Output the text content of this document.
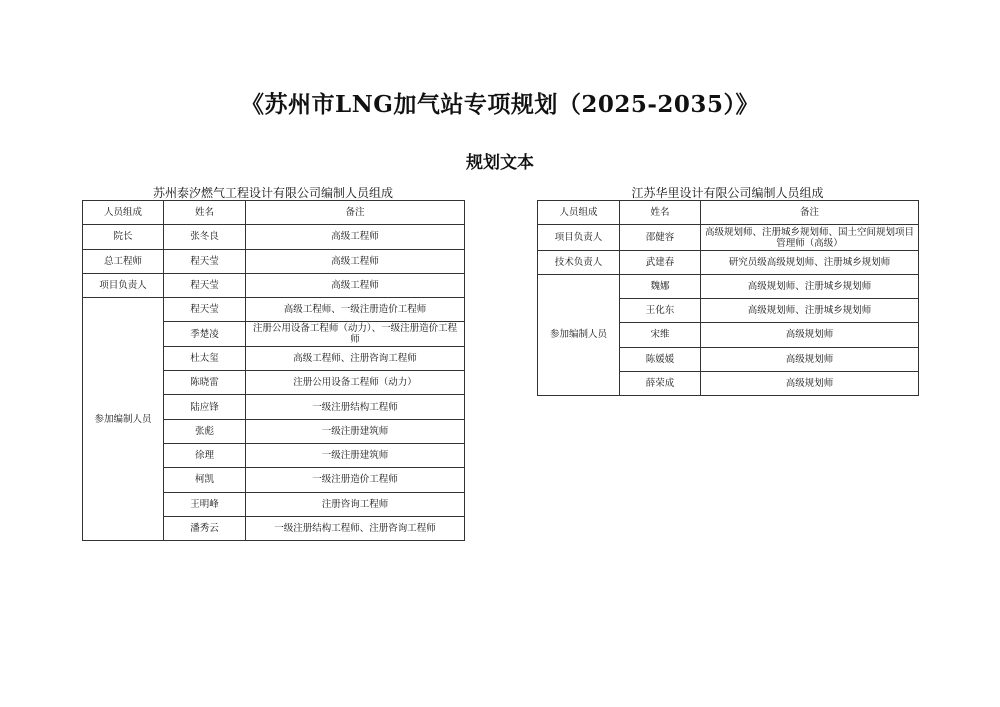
《苏州市LNG加气站专项规划（2025-2035）》
规划文本
苏州泰汐燃气工程设计有限公司编制人员组成	江苏华里设计有限公司编制人员组成
人员组成	姓名	备注
院长	张冬良	高级工程师
总工程师	程天莹	高级工程师
项目负责人	程天莹	高级工程师
参加编制人员	程天莹	高级工程师、一级注册造价工程师
	季楚凌	注册公用设备工程师（动力）、一级注册造价工程师
	杜太玺	高级工程师、注册咨询工程师
	陈晓雷	注册公用设备工程师（动力）
	陆应锋	一级注册结构工程师
	张彪	一级注册建筑师
	徐理	一级注册建筑师
	柯凯	一级注册造价工程师
	王明峰	注册咨询工程师
	潘秀云	一级注册结构工程师、注册咨询工程师
人员组成	姓名	备注
项目负责人	邵健容	高级规划师、注册城乡规划师、国土空间规划项目管理师（高级）
技术负责人	武建春	研究员级高级规划师、注册城乡规划师
参加编制人员	魏娜	高级规划师、注册城乡规划师
	王化东	高级规划师、注册城乡规划师
	宋维	高级规划师
	陈媛媛	高级规划师
	薛荣成	高级规划师
